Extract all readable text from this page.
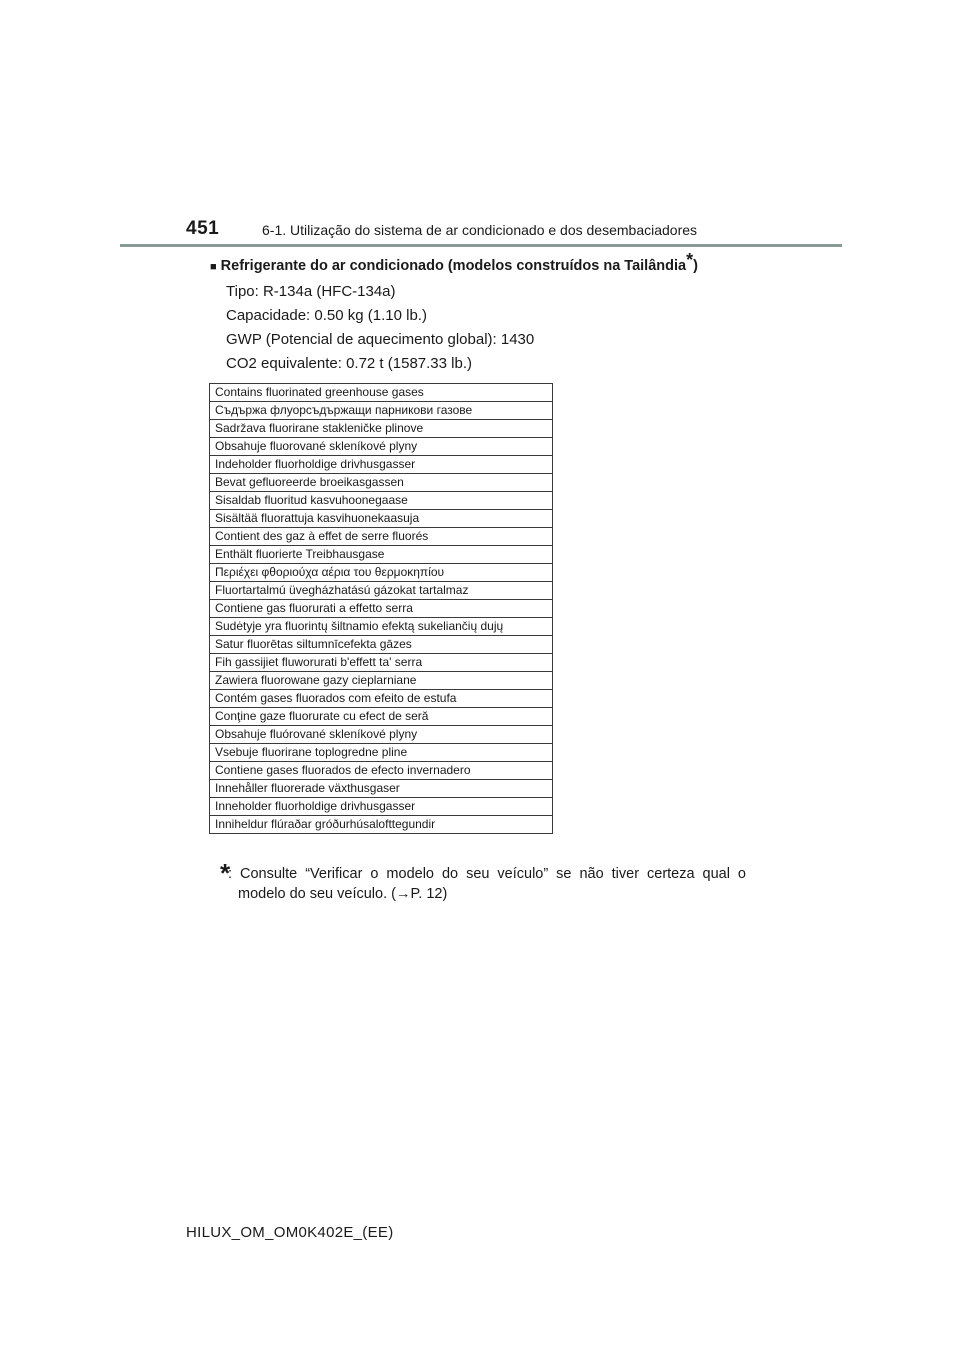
451	6-1. Utilização do sistema de ar condicionado e dos desembaciadores
■ Refrigerante do ar condicionado (modelos construídos na Tailândia*)
Tipo: R-134a (HFC-134a)
Capacidade: 0.50 kg (1.10 lb.)
GWP (Potencial de aquecimento global): 1430
CO2 equivalente: 0.72 t (1587.33 lb.)
Contains fluorinated greenhouse gases
Съдържа флуорсъдържащи парникови газове
Sadržava fluorirane stakleničke plinove
Obsahuje fluorované skleníkové plyny
Indeholder fluorholdige drivhusgasser
Bevat gefluoreerde broeikasgassen
Sisaldab fluoritud kasvuhoonegaase
Sisältää fluorattuja kasvihuonekaasuja
Contient des gaz à effet de serre fluorés
Enthält fluorierte Treibhausgase
Περιέχει φθοριούχα αέρια του θερμοκηπίου
Fluortartalmú üvegházhatású gázokat tartalmaz
Contiene gas fluorurati a effetto serra
Sudėtyje yra fluorintų šiltnamio efektą sukeliančių dujų
Satur fluorētas siltumnīcefekta gāzes
Fih gassijiet fluworurati b'effett ta' serra
Zawiera fluorowane gazy cieplarniane
Contém gases fluorados com efeito de estufa
Conţine gaze fluorurate cu efect de seră
Obsahuje fluórované skleníkové plyny
Vsebuje fluorirane toplogredne pline
Contiene gases fluorados de efecto invernadero
Innehåller fluorerade växthusgaser
Inneholder fluorholdige drivhusgasser
Inniheldur flúraðar gróðurhúsalofttegundir
*
: Consulte “Verificar o modelo do seu veículo” se não tiver certeza qual o
modelo do seu veículo. (→P. 12)
HILUX_OM_OM0K402E_(EE)
